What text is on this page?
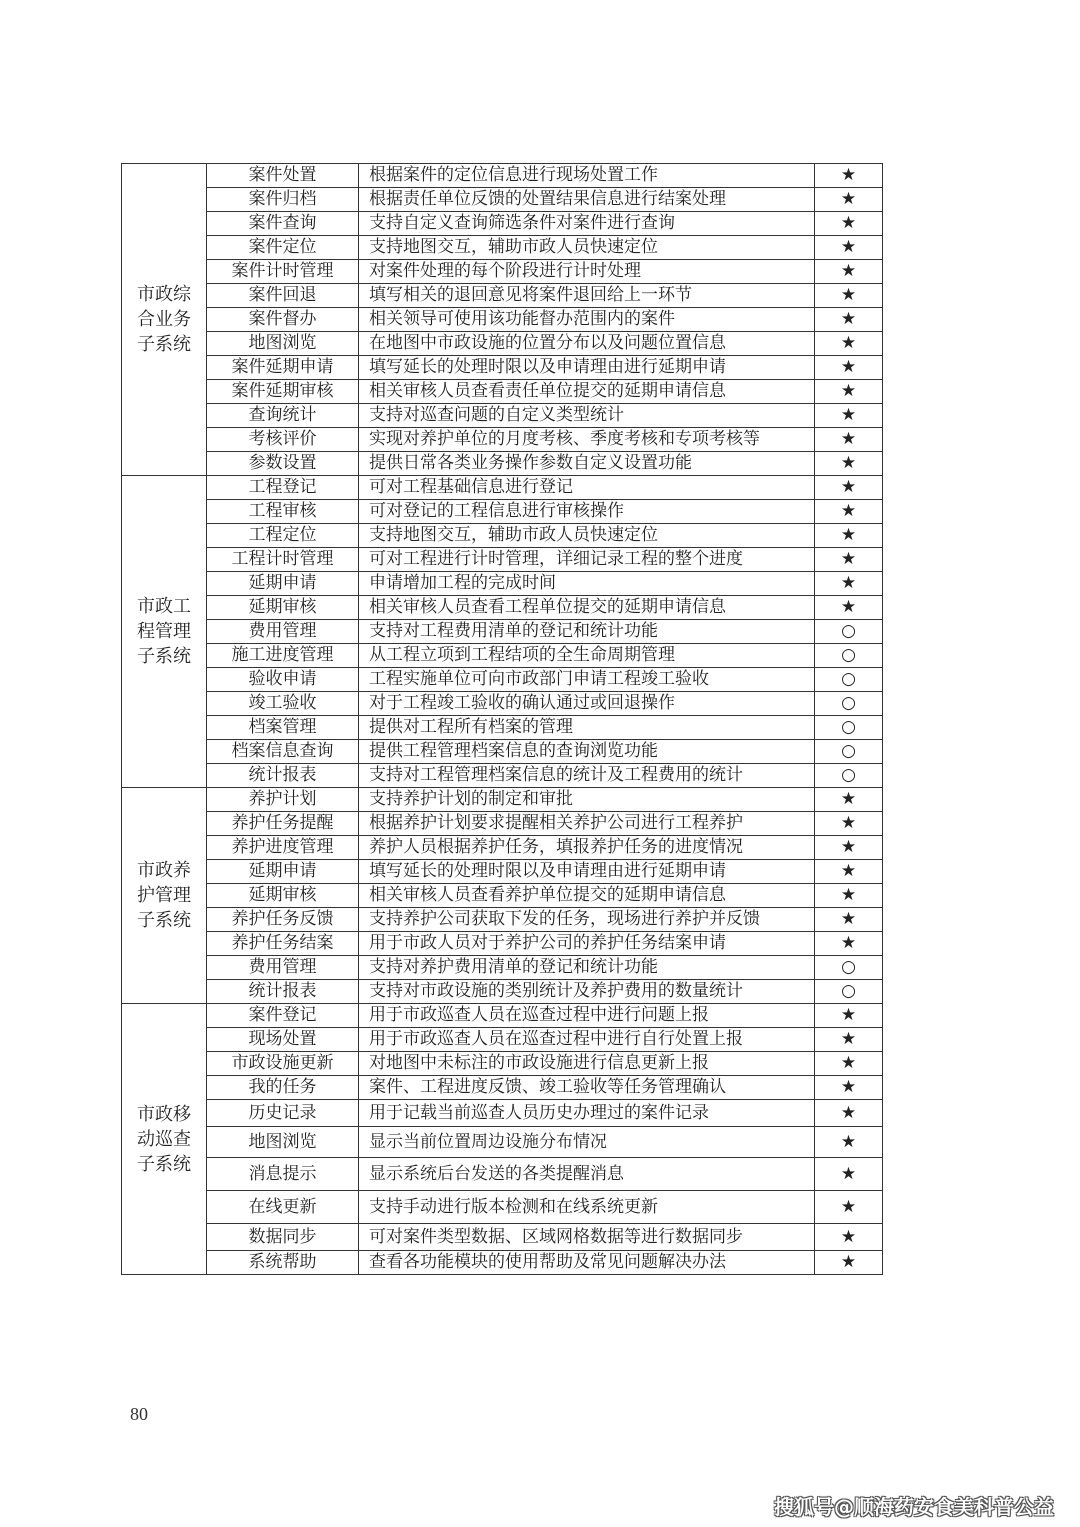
市政综合业务子系统	案件处置	根据案件的定位信息进行现场处置工作	★
	案件归档	根据责任单位反馈的处置结果信息进行结案处理	★
	案件查询	支持自定义查询筛选条件对案件进行查询	★
	案件定位	支持地图交互，辅助市政人员快速定位	★
	案件计时管理	对案件处理的每个阶段进行计时处理	★
	案件回退	填写相关的退回意见将案件退回给上一环节	★
	案件督办	相关领导可使用该功能督办范围内的案件	★
	地图浏览	在地图中市政设施的位置分布以及问题位置信息	★
	案件延期申请	填写延长的处理时限以及申请理由进行延期申请	★
	案件延期审核	相关审核人员查看责任单位提交的延期申请信息	★
	查询统计	支持对巡查问题的自定义类型统计	★
	考核评价	实现对养护单位的月度考核、季度考核和专项考核等	★
	参数设置	提供日常各类业务操作参数自定义设置功能	★
市政工程管理子系统	工程登记	可对工程基础信息进行登记	★
	工程审核	可对登记的工程信息进行审核操作	★
	工程定位	支持地图交互，辅助市政人员快速定位	★
	工程计时管理	可对工程进行计时管理，详细记录工程的整个进度	★
	延期申请	申请增加工程的完成时间	★
	延期审核	相关审核人员查看工程单位提交的延期申请信息	★
	费用管理	支持对工程费用清单的登记和统计功能	○
	施工进度管理	从工程立项到工程结项的全生命周期管理	○
	验收申请	工程实施单位可向市政部门申请工程竣工验收	○
	竣工验收	对于工程竣工验收的确认通过或回退操作	○
	档案管理	提供对工程所有档案的管理	○
	档案信息查询	提供工程管理档案信息的查询浏览功能	○
	统计报表	支持对工程管理档案信息的统计及工程费用的统计	○
市政养护管理子系统	养护计划	支持养护计划的制定和审批	★
	养护任务提醒	根据养护计划要求提醒相关养护公司进行工程养护	★
	养护进度管理	养护人员根据养护任务，填报养护任务的进度情况	★
	延期申请	填写延长的处理时限以及申请理由进行延期申请	★
	延期审核	相关审核人员查看养护单位提交的延期申请信息	★
	养护任务反馈	支持养护公司获取下发的任务，现场进行养护并反馈	★
	养护任务结案	用于市政人员对于养护公司的养护任务结案申请	★
	费用管理	支持对养护费用清单的登记和统计功能	○
	统计报表	支持对市政设施的类别统计及养护费用的数量统计	○
市政移动巡查子系统	案件登记	用于市政巡查人员在巡查过程中进行问题上报	★
	现场处置	用于市政巡查人员在巡查过程中进行自行处置上报	★
	市政设施更新	对地图中未标注的市政设施进行信息更新上报	★
	我的任务	案件、工程进度反馈、竣工验收等任务管理确认	★
	历史记录	用于记载当前巡查人员历史办理过的案件记录	★
	地图浏览	显示当前位置周边设施分布情况	★
	消息提示	显示系统后台发送的各类提醒消息	★
	在线更新	支持手动进行版本检测和在线系统更新	★
	数据同步	可对案件类型数据、区域网格数据等进行数据同步	★
	系统帮助	查看各功能模块的使用帮助及常见问题解决办法	★
80
搜狐号@顺海药安食美科普公益
